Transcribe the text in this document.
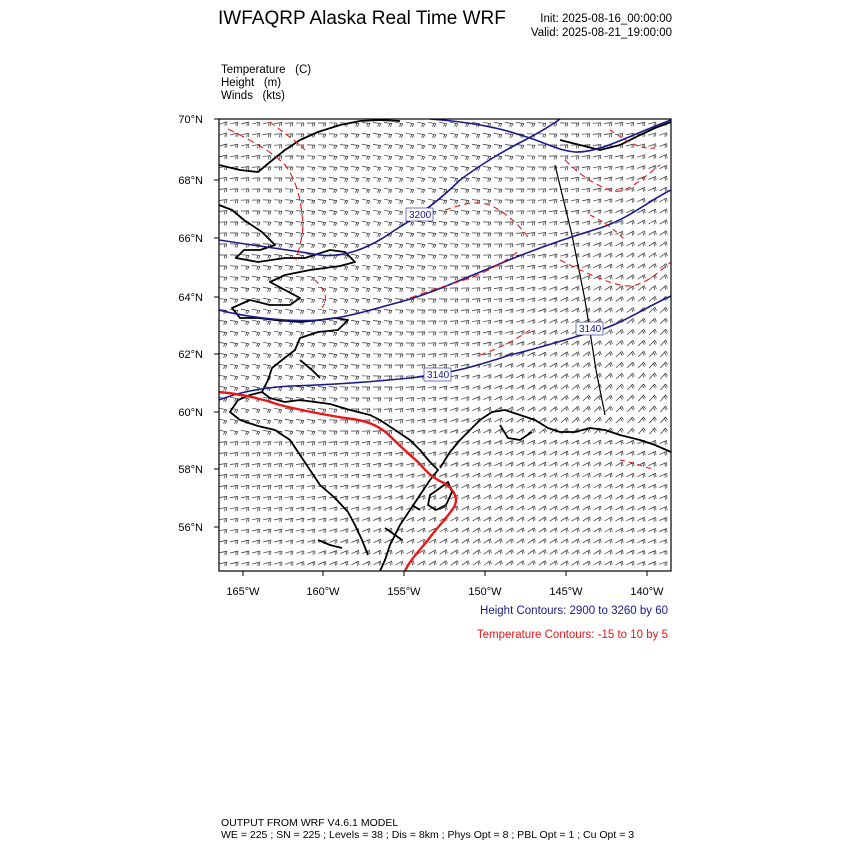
IWFAQRP Alaska Real Time WRF	Init: 2025-08-16_00:00:00
Valid: 2025-08-21_19:00:00
Temperature (C)
Height (m)
Winds (kts)
3200
3140
3140
70°N
68°N
66°N
64°N
62°N
60°N
58°N
56°N
165°W	160°W	155°W	150°W	145°W	140°W
Height Contours: 2900 to 3260 by 60
Temperature Contours: -15 to 10 by 5
OUTPUT FROM WRF V4.6.1 MODEL
WE = 225 ; SN = 225 ; Levels = 38 ; Dis = 8km ; Phys Opt = 8 ; PBL Opt = 1 ; Cu Opt = 3
